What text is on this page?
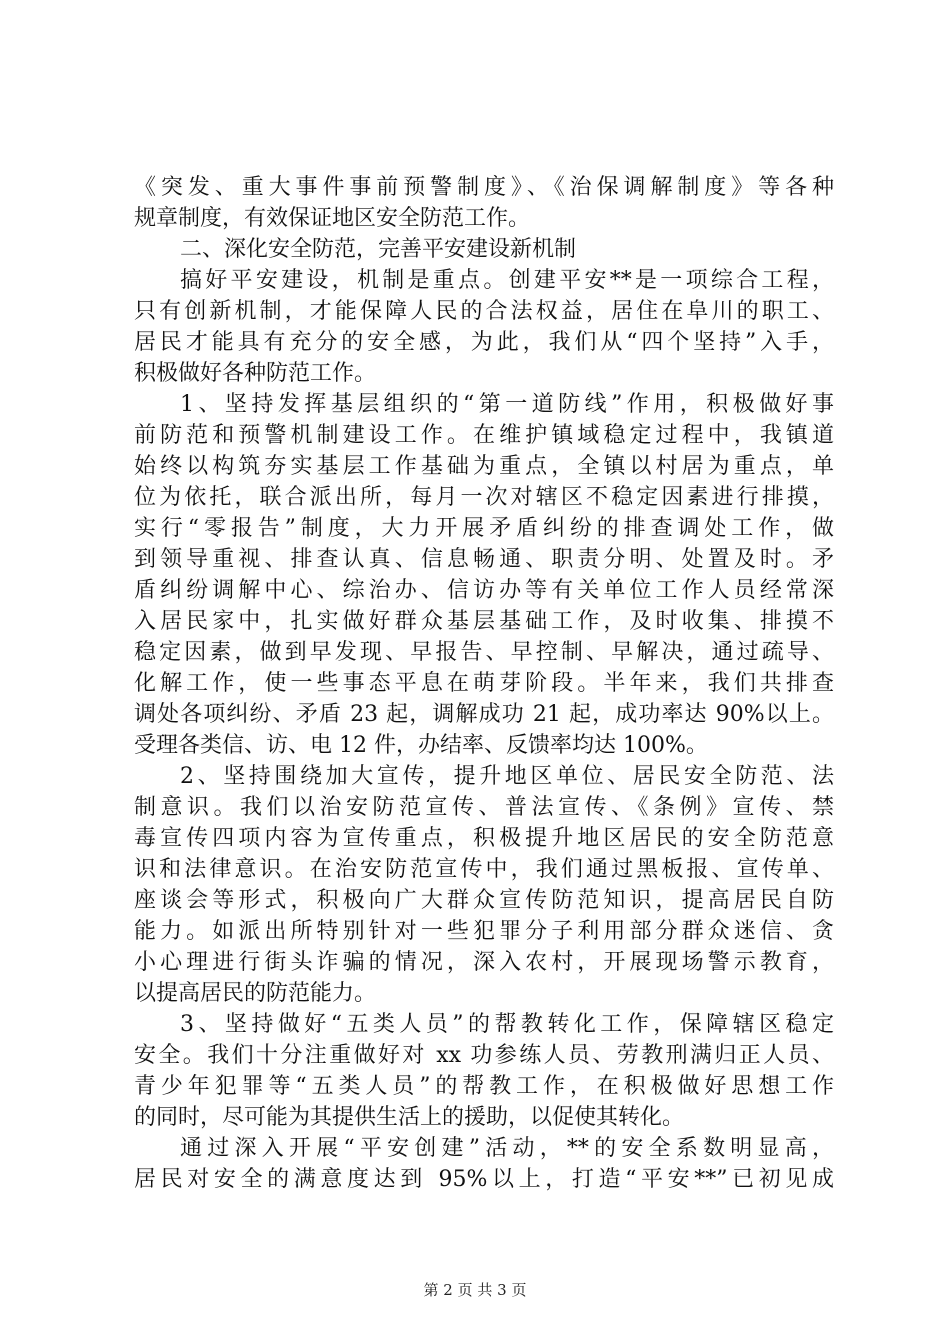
《突发、重大事件事前预警制度》、《治保调解制度》等各种
规章制度，有效保证地区安全防范工作。
二、深化安全防范，完善平安建设新机制
搞好平安建设，机制是重点。创建平安**是一项综合工程，
只有创新机制，才能保障人民的合法权益，居住在阜川的职工、
居民才能具有充分的安全感，为此，我们从“四个坚持”入手，
积极做好各种防范工作。
1、坚持发挥基层组织的“第一道防线”作用，积极做好事
前防范和预警机制建设工作。在维护镇域稳定过程中，我镇道
始终以构筑夯实基层工作基础为重点，全镇以村居为重点，单
位为依托，联合派出所，每月一次对辖区不稳定因素进行排摸，
实行“零报告”制度，大力开展矛盾纠纷的排查调处工作，做
到领导重视、排查认真、信息畅通、职责分明、处置及时。矛
盾纠纷调解中心、综治办、信访办等有关单位工作人员经常深
入居民家中，扎实做好群众基层基础工作，及时收集、排摸不
稳定因素，做到早发现、早报告、早控制、早解决，通过疏导、
化解工作，使一些事态平息在萌芽阶段。半年来，我们共排查
调处各项纠纷、矛盾 23 起，调解成功 21 起，成功率达 90%以上。
受理各类信、访、电 12 件，办结率、反馈率均达 100%。
2、坚持围绕加大宣传，提升地区单位、居民安全防范、法
制意识。我们以治安防范宣传、普法宣传、《条例》宣传、禁
毒宣传四项内容为宣传重点，积极提升地区居民的安全防范意
识和法律意识。在治安防范宣传中，我们通过黑板报、宣传单、
座谈会等形式，积极向广大群众宣传防范知识，提高居民自防
能力。如派出所特别针对一些犯罪分子利用部分群众迷信、贪
小心理进行街头诈骗的情况，深入农村，开展现场警示教育，
以提高居民的防范能力。
3、坚持做好“五类人员”的帮教转化工作，保障辖区稳定
安全。我们十分注重做好对 xx 功参练人员、劳教刑满归正人员、
青少年犯罪等“五类人员”的帮教工作，在积极做好思想工作
的同时，尽可能为其提供生活上的援助，以促使其转化。
通过深入开展“平安创建”活动，**的安全系数明显高，
居民对安全的满意度达到 95%以上，打造“平安**”已初见成
第 2 页 共 3 页
